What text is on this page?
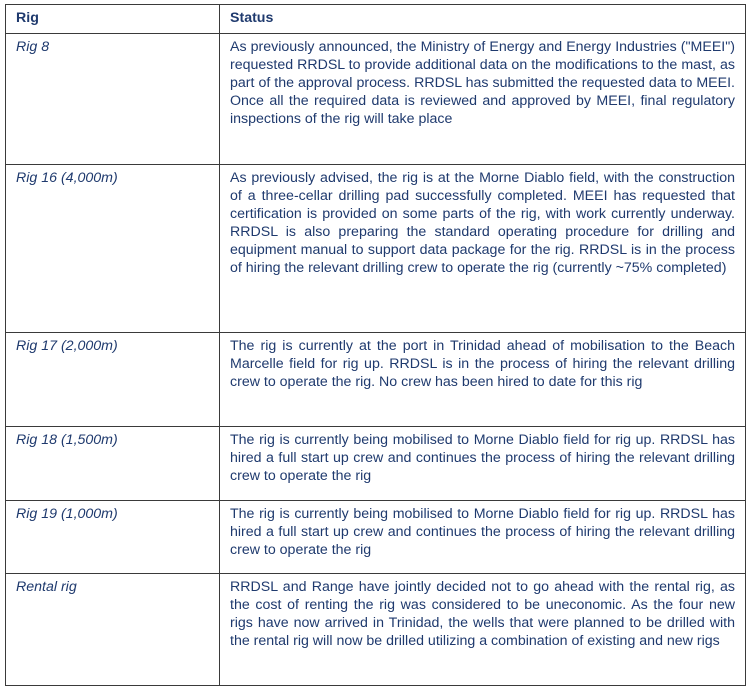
Rig	Status
Rig 8	As previously announced, the Ministry of Energy and Energy Industries ("MEEI") requested RRDSL to provide additional data on the modifications to the mast, as part of the approval process. RRDSL has submitted the requested data to MEEI. Once all the required data is reviewed and approved by MEEI, final regulatory inspections of the rig will take place
Rig 16 (4,000m)	As previously advised, the rig is at the Morne Diablo field, with the construction of a three-cellar drilling pad successfully completed. MEEI has requested that certification is provided on some parts of the rig, with work currently underway. RRDSL is also preparing the standard operating procedure for drilling and equipment manual to support data package for the rig. RRDSL is in the process of hiring the relevant drilling crew to operate the rig (currently ~75% completed)
Rig 17 (2,000m)	The rig is currently at the port in Trinidad ahead of mobilisation to the Beach Marcelle field for rig up. RRDSL is in the process of hiring the relevant drilling crew to operate the rig. No crew has been hired to date for this rig
Rig 18 (1,500m)	The rig is currently being mobilised to Morne Diablo field for rig up. RRDSL has hired a full start up crew and continues the process of hiring the relevant drilling crew to operate the rig
Rig 19 (1,000m)	The rig is currently being mobilised to Morne Diablo field for rig up. RRDSL has hired a full start up crew and continues the process of hiring the relevant drilling crew to operate the rig
Rental rig	RRDSL and Range have jointly decided not to go ahead with the rental rig, as the cost of renting the rig was considered to be uneconomic. As the four new rigs have now arrived in Trinidad, the wells that were planned to be drilled with the rental rig will now be drilled utilizing a combination of existing and new rigs
